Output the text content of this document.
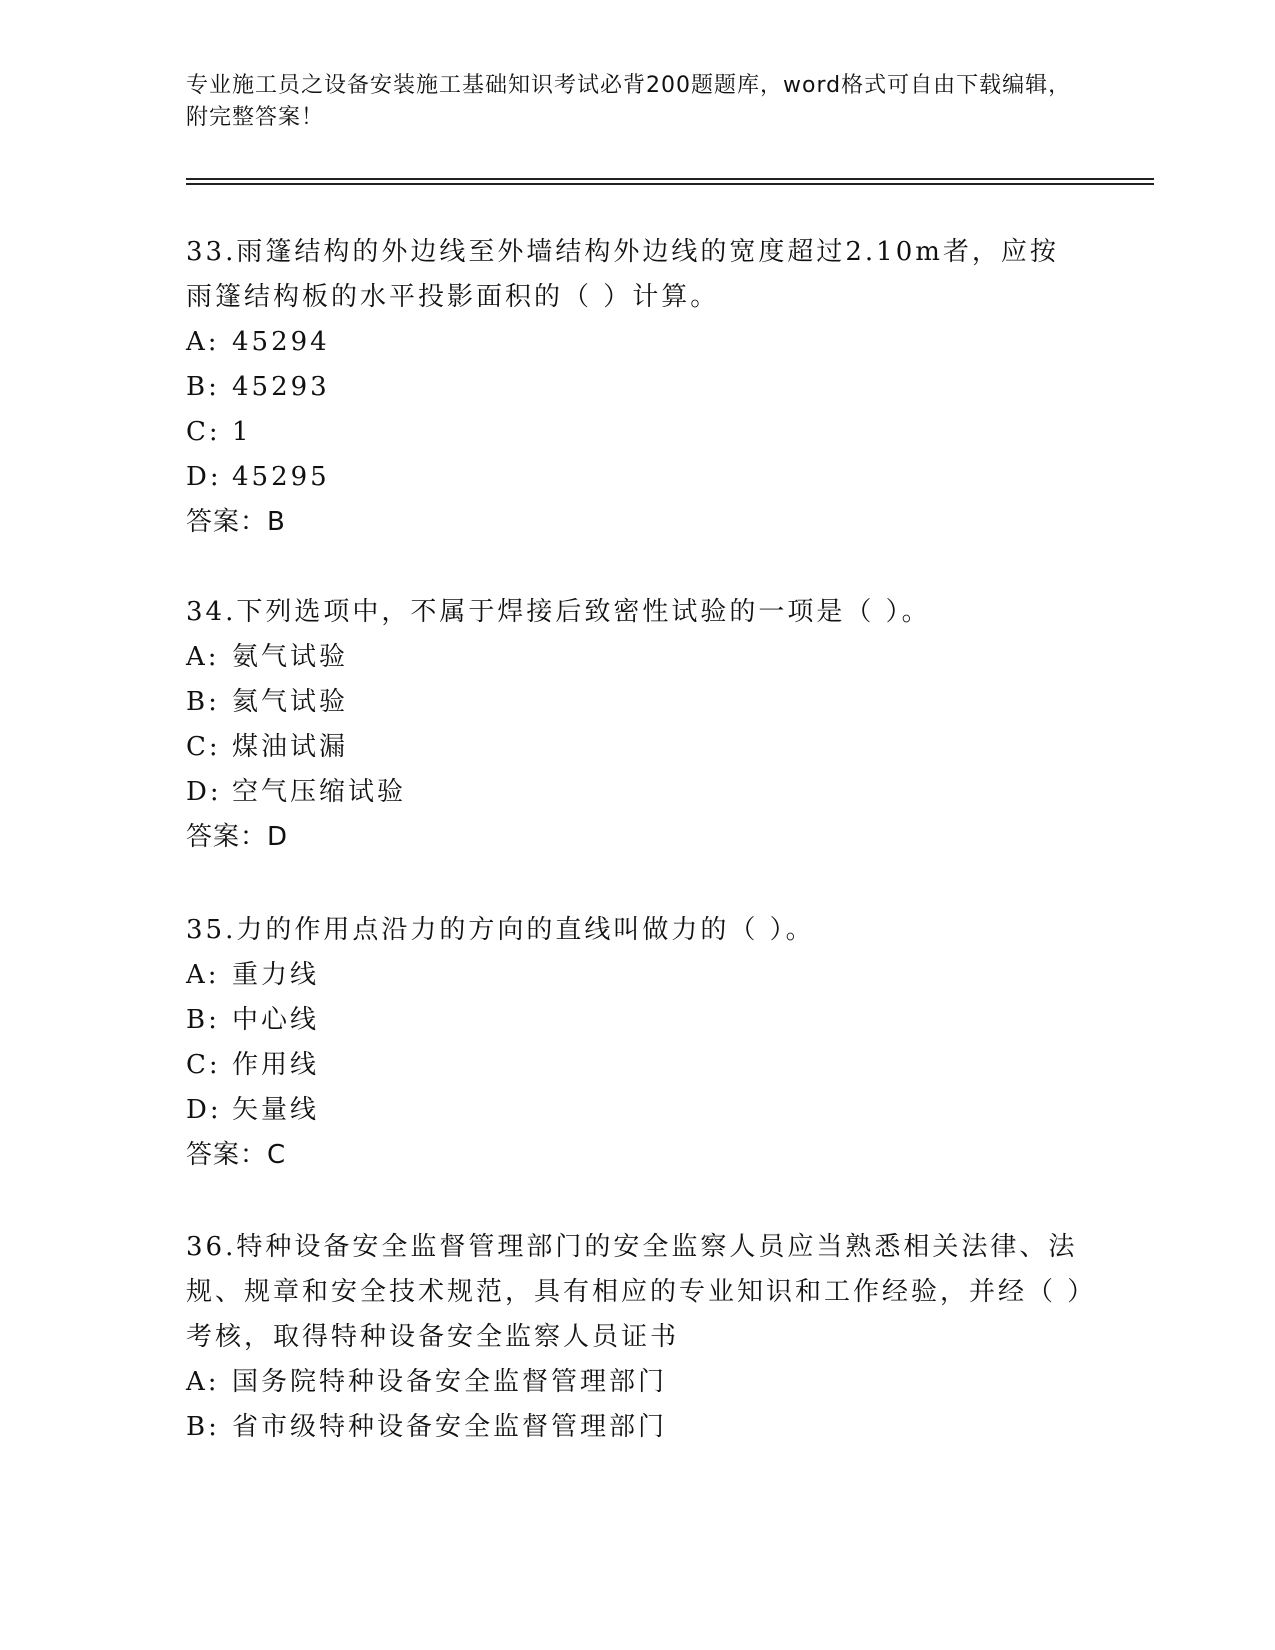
专业施工员之设备安装施工基础知识考试必背200题题库，word格式可自由下载编辑，附完整答案！

33.雨篷结构的外边线至外墙结构外边线的宽度超过2.10m者，应按雨篷结构板的水平投影面积的（ ）计算。

A: 45294

B: 45293

C: 1

D: 45295

答案：B

34.下列选项中，不属于焊接后致密性试验的一项是（ ）。

A: 氨气试验

B: 氦气试验

C: 煤油试漏

D: 空气压缩试验

答案：D

35.力的作用点沿力的方向的直线叫做力的（ ）。

A: 重力线

B: 中心线

C: 作用线

D: 矢量线

答案：C

36.特种设备安全监督管理部门的安全监察人员应当熟悉相关法律、法规、规章和安全技术规范，具有相应的专业知识和工作经验，并经（ ）考核，取得特种设备安全监察人员证书

A: 国务院特种设备安全监督管理部门

B: 省市级特种设备安全监督管理部门
